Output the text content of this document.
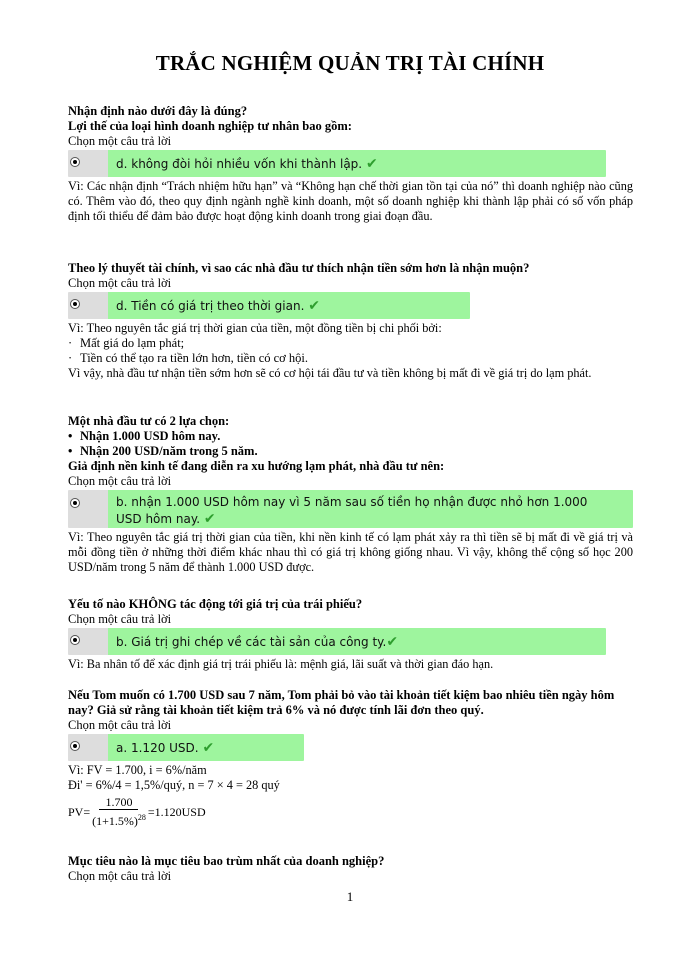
TRẮC NGHIỆM QUẢN TRỊ TÀI CHÍNH
Nhận định nào dưới đây là đúng?
Lợi thế của loại hình doanh nghiệp tư nhân bao gồm:
Chọn một câu trả lời
d. không đòi hỏi nhiều vốn khi thành lập. ✔
Vì: Các nhận định “Trách nhiệm hữu hạn” và “Không hạn chế thời gian tồn tại của nó” thì doanh nghiệp nào cũng có. Thêm vào đó, theo quy định ngành nghề kinh doanh, một số doanh nghiệp khi thành lập phải có số vốn pháp định tối thiểu để đảm bảo được hoạt động kinh doanh trong giai đoạn đầu.
Theo lý thuyết tài chính, vì sao các nhà đầu tư thích nhận tiền sớm hơn là nhận muộn?
Chọn một câu trả lời
d. Tiền có giá trị theo thời gian. ✔
Vì: Theo nguyên tắc giá trị thời gian của tiền, một đồng tiền bị chi phối bởi:
· Mất giá do lạm phát;
· Tiền có thể tạo ra tiền lớn hơn, tiền có cơ hội.
Vì vậy, nhà đầu tư nhận tiền sớm hơn sẽ có cơ hội tái đầu tư và tiền không bị mất đi về giá trị do lạm phát.
Một nhà đầu tư có 2 lựa chọn:
• Nhận 1.000 USD hôm nay.
• Nhận 200 USD/năm trong 5 năm.
Giả định nền kinh tế đang diễn ra xu hướng lạm phát, nhà đầu tư nên:
Chọn một câu trả lời
b. nhận 1.000 USD hôm nay vì 5 năm sau số tiền họ nhận được nhỏ hơn 1.000 USD hôm nay. ✔
Vì: Theo nguyên tắc giá trị thời gian của tiền, khi nền kinh tế có lạm phát xảy ra thì tiền sẽ bị mất đi về giá trị và mỗi đồng tiền ở những thời điểm khác nhau thì có giá trị không giống nhau. Vì vậy, không thể cộng số học 200 USD/năm trong 5 năm để thành 1.000 USD được.
Yếu tố nào KHÔNG tác động tới giá trị của trái phiếu?
Chọn một câu trả lời
b. Giá trị ghi chép về các tài sản của công ty.✔
Vì: Ba nhân tố để xác định giá trị trái phiếu là: mệnh giá, lãi suất và thời gian đáo hạn.
Nếu Tom muốn có 1.700 USD sau 7 năm, Tom phải bỏ vào tài khoản tiết kiệm bao nhiêu tiền ngày hôm nay? Giả sử rằng tài khoản tiết kiệm trả 6% và nó được tính lãi đơn theo quý.
Chọn một câu trả lời
a. 1.120 USD. ✔
Vì: FV = 1.700, i = 6%/năm
Đi' = 6%/4 = 1,5%/quý, n = 7 × 4 = 28 quý
$PV= \frac{1.700}{(1+1.5\%)^{28}} =1.120USD$
Mục tiêu nào là mục tiêu bao trùm nhất của doanh nghiệp?
Chọn một câu trả lời
1
